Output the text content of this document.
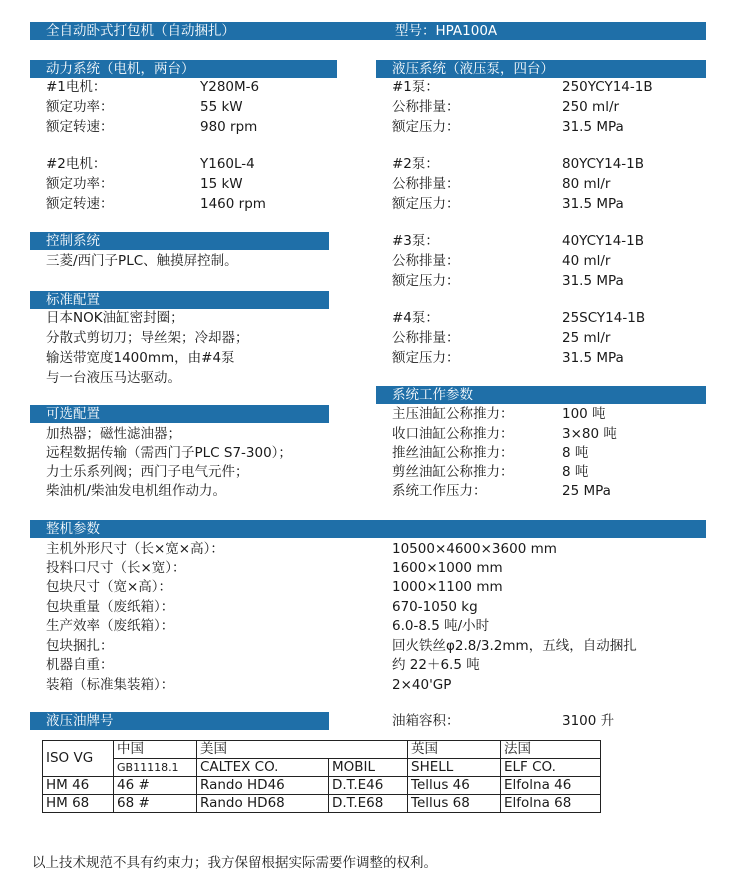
全自动卧式打包机（自动捆扎）	型号：HPA100A
动力系统（电机，两台）
#1电机：	Y280M-6
额定功率：	55 kW
额定转速：	980 rpm
#2电机：	Y160L-4
额定功率：	15 kW
额定转速：	1460 rpm
液压系统（液压泵，四台）
#1泵：	250YCY14-1B
公称排量：	250 ml/r
额定压力：	31.5 MPa
#2泵：	80YCY14-1B
公称排量：	80 ml/r
额定压力：	31.5 MPa
#3泵：	40YCY14-1B
公称排量：	40 ml/r
额定压力：	31.5 MPa
#4泵：	25SCY14-1B
公称排量：	25 ml/r
额定压力：	31.5 MPa
控制系统
三菱/西门子PLC、触摸屏控制。
标准配置
日本NOK油缸密封圈；
分散式剪切刀；导丝架；冷却器；
输送带宽度1400mm，由#4泵
与一台液压马达驱动。
系统工作参数
主压油缸公称推力：	100 吨
收口油缸公称推力：	3×80 吨
推丝油缸公称推力：	8 吨
剪丝油缸公称推力：	8 吨
系统工作压力：	25 MPa
可选配置
加热器；磁性滤油器；
远程数据传输（需西门子PLC S7-300）；
力士乐系列阀；西门子电气元件；
柴油机/柴油发电机组作动力。
整机参数
主机外形尺寸（长×宽×高）：	10500×4600×3600 mm
投料口尺寸（长×宽）：	1600×1000 mm
包块尺寸（宽×高）：	1000×1100 mm
包块重量（废纸箱）：	670-1050 kg
生产效率（废纸箱）：	6.0-8.5 吨/小时
包块捆扎：	回火铁丝φ2.8/3.2mm，五线，自动捆扎
机器自重：	约 22＋6.5 吨
装箱（标准集装箱）：	2×40'GP
液压油牌号	油箱容积：	3100 升
ISO VG	中国	美国		英国	法国
	GB11118.1	CALTEX CO.	MOBIL	SHELL	ELF CO.
HM 46	46 #	Rando HD46	D.T.E46	Tellus 46	Elfolna 46
HM 68	68 #	Rando HD68	D.T.E68	Tellus 68	Elfolna 68
以上技术规范不具有约束力；我方保留根据实际需要作调整的权利。
